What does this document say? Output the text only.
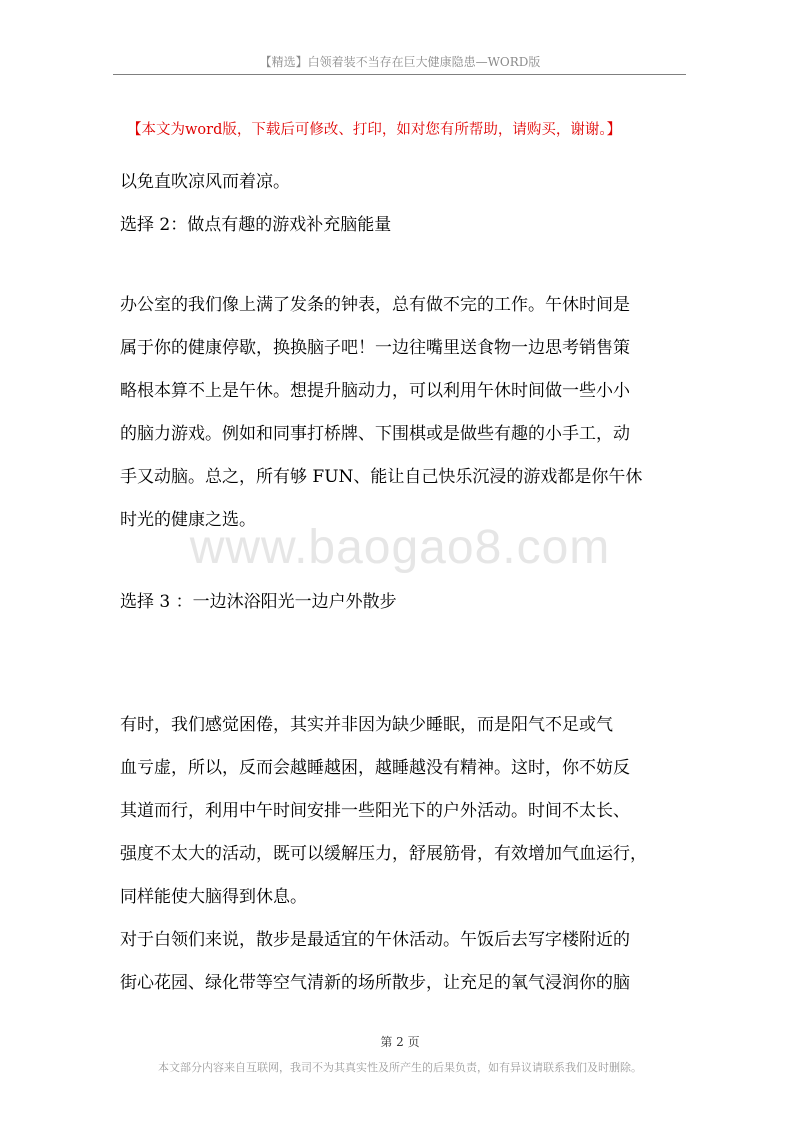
【精选】白领着装不当存在巨大健康隐患—WORD版
【本文为word版，下载后可修改、打印，如对您有所帮助，请购买，谢谢。】
www.baogao8.com
以免直吹凉风而着凉。
选择 2：做点有趣的游戏补充脑能量
办公室的我们像上满了发条的钟表，总有做不完的工作。午休时间是
属于你的健康停歇，换换脑子吧！一边往嘴里送食物一边思考销售策
略根本算不上是午休。想提升脑动力，可以利用午休时间做一些小小
的脑力游戏。例如和同事打桥牌、下围棋或是做些有趣的小手工，动
手又动脑。总之，所有够 FUN、能让自己快乐沉浸的游戏都是你午休
时光的健康之选。
选择 3 ：一边沐浴阳光一边户外散步
有时，我们感觉困倦，其实并非因为缺少睡眠，而是阳气不足或气
血亏虚，所以，反而会越睡越困，越睡越没有精神。这时，你不妨反
其道而行，利用中午时间安排一些阳光下的户外活动。时间不太长、
强度不太大的活动，既可以缓解压力，舒展筋骨，有效增加气血运行，
同样能使大脑得到休息。
对于白领们来说，散步是最适宜的午休活动。午饭后去写字楼附近的
街心花园、绿化带等空气清新的场所散步，让充足的氧气浸润你的脑
第 2 页
本文部分内容来自互联网，我司不为其真实性及所产生的后果负责，如有异议请联系我们及时删除。
